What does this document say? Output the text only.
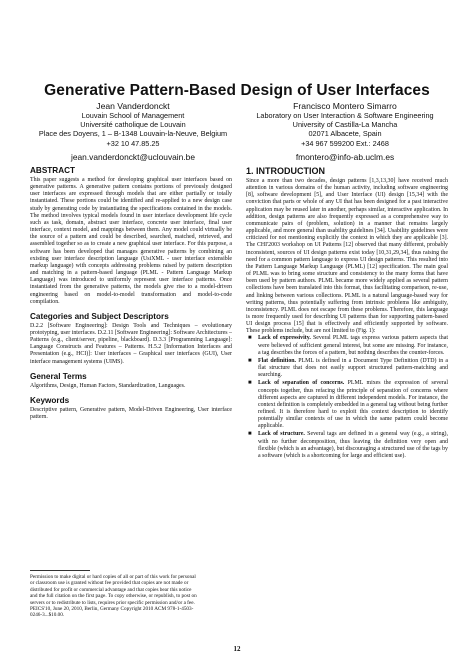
Generative Pattern-Based Design of User Interfaces
Jean Vanderdonckt
Louvain School of Management
Université catholique de Louvain
Place des Doyens, 1 – B-1348 Louvain-la-Neuve, Belgium
+32 10 47.85.25
jean.vanderdonckt@uclouvain.be
Francisco Montero Simarro
Laboratory on User Interaction & Software Engineering
University of Castilla-La Mancha
02071 Albacete, Spain
+34 967 599200 Ext.: 2468
fmontero@info-ab.uclm.es
ABSTRACT

This paper suggests a method for developing graphical user interfaces based on generative patterns. A generative pattern contains portions of previously designed user interfaces are expressed through models that are either partially or totally instantiated. These portions could be identified and re-applied to a new design case study by generating code by instantiating the specifications contained in the models. The method involves typical models found in user interface development life cycle such as task, domain, abstract user interface, concrete user interface, final user interface, context model, and mappings between them. Any model could virtually be the source of a pattern and could be described, searched, matched, retrieved, and assembled together so as to create a new graphical user interface. For this purpose, a software has been developed that manages generative patterns by combining an existing user interface description language (UsiXML - user interface extensible markup language) with concepts addressing problems raised by pattern description and matching in a pattern-based language (PLML - Pattern Language Markup Language) was introduced to uniformly represent user interface patterns. Once instantiated from the generative patterns, the models give rise to a model-driven engineering based on model-to-model transformation and model-to-code compilation.

Categories and Subject Descriptors

D.2.2 [Software Engineering]: Design Tools and Techniques – evolutionary prototyping, user interfaces. D.2.11 [Software Engineering]: Software Architectures – Patterns (e.g., client/server, pipeline, blackboard). D.3.3 [Programming Language]: Language Constructs and Features – Patterns. H.5.2 [Information Interfaces and Presentation (e.g., HCI)]: User interfaces – Graphical user interfaces (GUI), User interface management systems (UIMS).

General Terms

Algorithms, Design, Human Factors, Standardization, Languages.

Keywords

Descriptive pattern, Generative pattern, Model-Driven Engineering, User interface pattern.

Permission to make digital or hard copies of all or part of this work for personal or classroom use is granted without fee provided that copies are not made or distributed for profit or commercial advantage and that copies bear this notice and the full citation on the first page. To copy otherwise, or republish, to post on servers or to redistribute to lists, requires prior specific permission and/or a fee. PEICS'10, June 20, 2010, Berlin, Germany Copyright 2010 ACM 978-1-4503-0246-3...$10.00.
1. INTRODUCTION

Since a more than two decades, design patterns [1,3,13,30] have received much attention in various domains of the human activity, including software engineering [8], software development [5], and User Interface (UI) design [15,34] with the conviction that parts or whole of any UI that has been designed for a past interactive application may be reused later in another, perhaps similar, interactive application. In addition, design patterns are also frequently expressed as a comprehensive way to communicate pairs of (problem, solution) in a manner that remains largely applicable, and more general than usability guidelines [34]. Usability guidelines were criticized for not mentioning explicitly the context in which they are applicable [3]. The CHI'2003 workshop on UI Patterns [12] observed that many different, probably inconsistent, sources of UI design patterns exist today [10,31,29,34], thus raising the need for a common pattern language to express UI design patterns. This resulted into the Pattern Language Markup Language (PLML) [12] specification. The main goal of PLML was to bring some structure and consistency to the many forms that have been used by pattern authors. PLML became more widely applied as several pattern collections have been translated into this format, thus facilitating comparison, re-use, and linking between various collections. PLML is a natural language-based way for writing patterns, thus potentially suffering from intrinsic problems like ambiguity, inconsistency. PLML does not escape from these problems. Therefore, this language is more frequently used for describing UI patterns than for supporting pattern-based UI design process [15] that is effectively and efficiently supported by software. These problems include, but are not limited to (Fig. 1):

■ Lack of expressivity. Several PLML tags express various pattern aspects that were believed of sufficient general interest, but some are missing. For instance, a tag describes the forces of a pattern, but nothing describes the counter-forces.
■ Flat definition. PLML is defined in a Document Type Definition (DTD) in a flat structure that does not easily support structured pattern-matching and searching.
■ Lack of separation of concerns. PLML mixes the expression of several concepts together, thus refacing the principle of separation of concerns where different aspects are captured in different independent models. For instance, the context definition is completely embedded in a general tag without being further refined. It is therefore hard to exploit this context description to identify potentially similar contexts of use in which the same pattern could become applicable.
■ Lack of structure. Several tags are defined in a general way (e.g., a string), with no further decomposition, thus leaving the definition very open and flexible (which is an advantage), but discouraging a structured use of the tags by a software (which is a shortcoming for large and efficient use).
12
